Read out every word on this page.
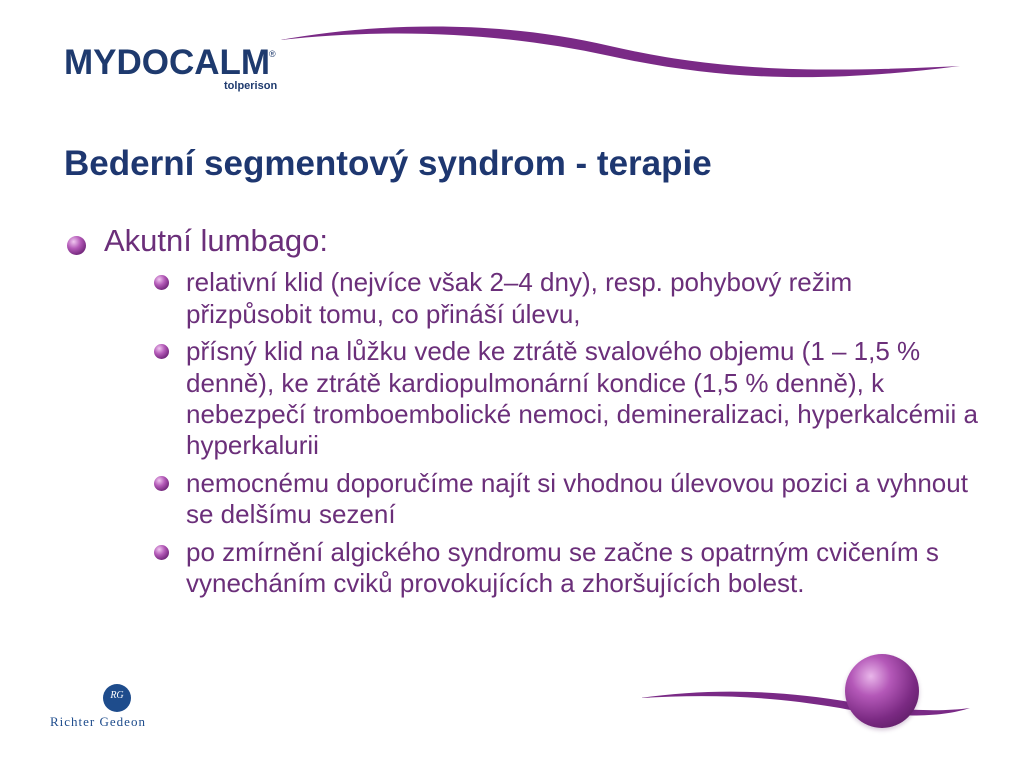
MYDOCALM
®
tolperison
Bederní segmentový syndrom - terapie
Akutní lumbago:
relativní klid (nejvíce však 2–4 dny), resp. pohybový režim přizpůsobit tomu, co přináší úlevu,
přísný klid na lůžku vede ke ztrátě svalového objemu (1 – 1,5 % denně), ke ztrátě kardiopulmonární kondice (1,5 % denně), k nebezpečí tromboembolické nemoci, demineralizaci, hyperkalcémii a hyperkalurii
nemocnému doporučíme najít si vhodnou úlevovou pozici a vyhnout se delšímu sezení
po zmírnění algického syndromu se začne s opatrným cvičením s vynecháním cviků provokujících a zhoršujících bolest.
RG
Richter Gedeon
